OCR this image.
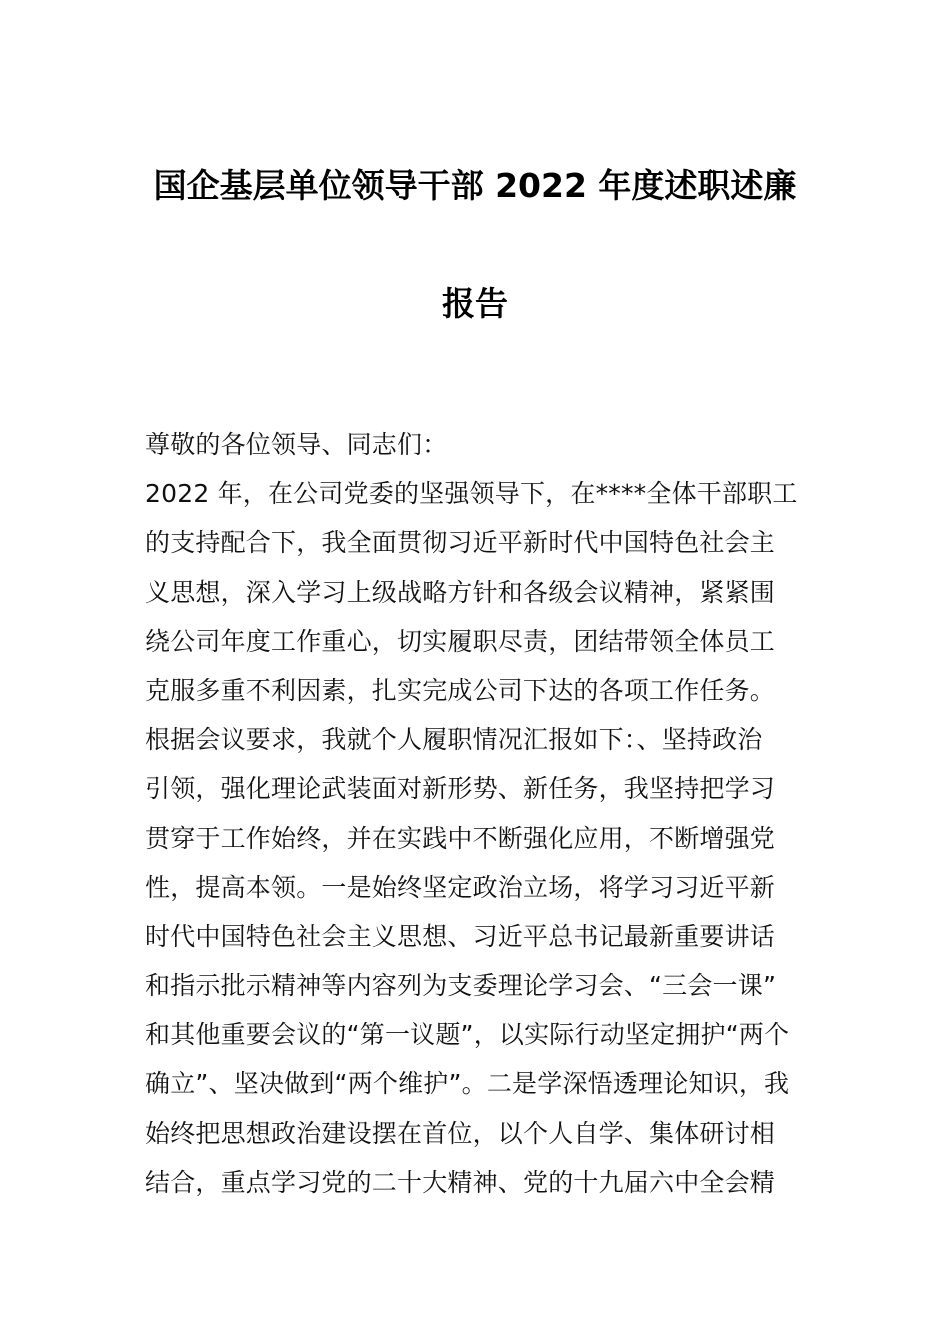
国企基层单位领导干部 2022 年度述职述廉
报告
尊敬的各位领导、同志们：
2022 年，在公司党委的坚强领导下，在****全体干部职工
的支持配合下，我全面贯彻习近平新时代中国特色社会主
义思想，深入学习上级战略方针和各级会议精神，紧紧围
绕公司年度工作重心，切实履职尽责，团结带领全体员工
克服多重不利因素，扎实完成公司下达的各项工作任务。
根据会议要求，我就个人履职情况汇报如下：、坚持政治
引领，强化理论武装面对新形势、新任务，我坚持把学习
贯穿于工作始终，并在实践中不断强化应用，不断增强党
性，提高本领。一是始终坚定政治立场，将学习习近平新
时代中国特色社会主义思想、习近平总书记最新重要讲话
和指示批示精神等内容列为支委理论学习会、“三会一课”
和其他重要会议的“第一议题”，以实际行动坚定拥护“两个
确立”、坚决做到“两个维护”。二是学深悟透理论知识，我
始终把思想政治建设摆在首位，以个人自学、集体研讨相
结合，重点学习党的二十大精神、党的十九届六中全会精
